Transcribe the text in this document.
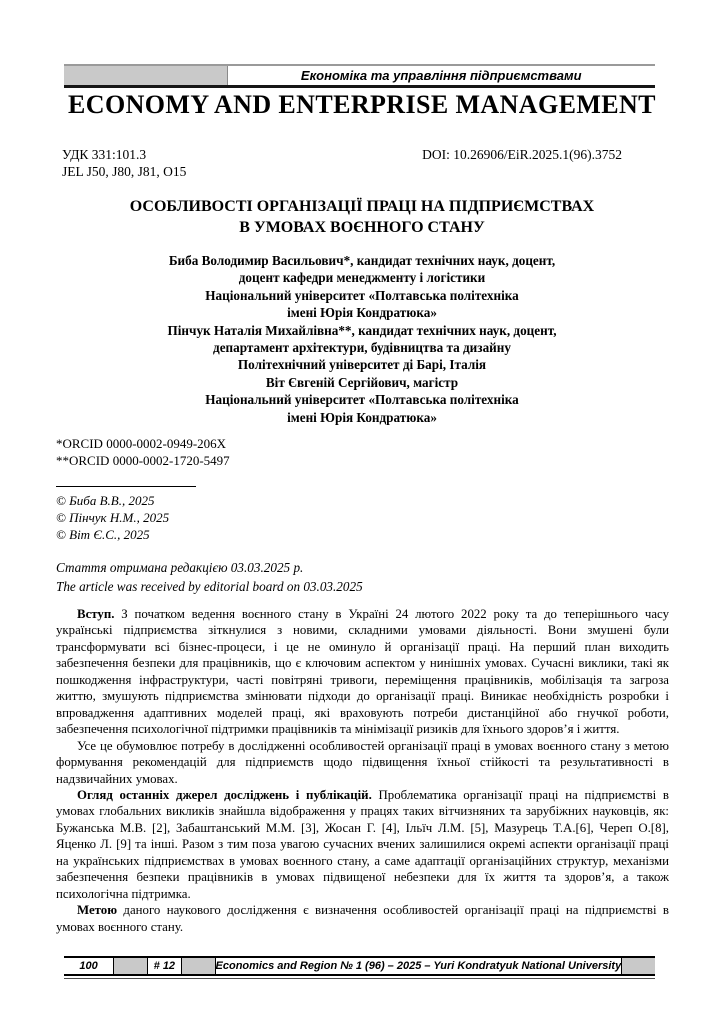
Економіка та управління підприємствами
ECONOMY AND ENTERPRISE MANAGEMENT
УДК 331:101.3
JEL J50, J80, J81, O15
DOI: 10.26906/EiR.2025.1(96).3752
ОСОБЛИВОСТІ ОРГАНІЗАЦІЇ ПРАЦІ НА ПІДПРИЄМСТВАХ
В УМОВАХ ВОЄННОГО СТАНУ
Биба Володимир Васильович*, кандидат технічних наук, доцент,
доцент кафедри менеджменту і логістики
Національний університет «Полтавська політехніка
імені Юрія Кондратюка»
Пінчук Наталія Михайлівна**, кандидат технічних наук, доцент,
департамент архітектури, будівництва та дизайну
Політехнічний університет ді Барі, Італія
Віт Євгеній Сергійович, магістр
Національний університет «Полтавська політехніка
імені Юрія Кондратюка»
*ORCID 0000-0002-0949-206X
**ORCID 0000-0002-1720-5497
© Биба В.В., 2025
© Пінчук Н.М., 2025
© Віт Є.С., 2025
Стаття отримана редакцією 03.03.2025 р.
The article was received by editorial board on 03.03.2025

Вступ. З початком ведення воєнного стану в Україні 24 лютого 2022 року та до теперішнього часу українські підприємства зіткнулися з новими, складними умовами діяльності. Вони змушені були трансформувати всі бізнес-процеси, і це не оминуло й організації праці. На перший план виходить забезпечення безпеки для працівників, що є ключовим аспектом у нинішніх умовах. Сучасні виклики, такі як пошкодження інфраструктури, часті повітряні тривоги, переміщення працівників, мобілізація та загроза життю, змушують підприємства змінювати підходи до організації праці. Виникає необхідність розробки і впровадження адаптивних моделей праці, які враховують потреби дистанційної або гнучкої роботи, забезпечення психологічної підтримки працівників та мінімізації ризиків для їхнього здоров’я і життя.

Усе це обумовлює потребу в дослідженні особливостей організації праці в умовах воєнного стану з метою формування рекомендацій для підприємств щодо підвищення їхньої стійкості та результативності в надзвичайних умовах.

Огляд останніх джерел досліджень і публікацій. Проблематика організації праці на підприємстві в умовах глобальних викликів знайшла відображення у працях таких вітчизняних та зарубіжних науковців, як: Бужанська М.В. [2], Забаштанський М.М. [3], Жосан Г. [4], Ільїч Л.М. [5], Мазурець Т.А.[6], Череп О.[8], Яценко Л. [9] та інші. Разом з тим поза увагою сучасних вчених залишилися окремі аспекти організації праці на українських підприємствах в умовах воєнного стану, а саме адаптації організаційних структур, механізми забезпечення безпеки працівників в умовах підвищеної небезпеки для їх життя та здоров’я, а також психологічна підтримка.

Метою даного наукового дослідження є визначення особливостей організації праці на підприємстві в умовах воєнного стану.

100	# 12	Economics and Region № 1 (96) – 2025 – Yuri Kondratyuk National University
